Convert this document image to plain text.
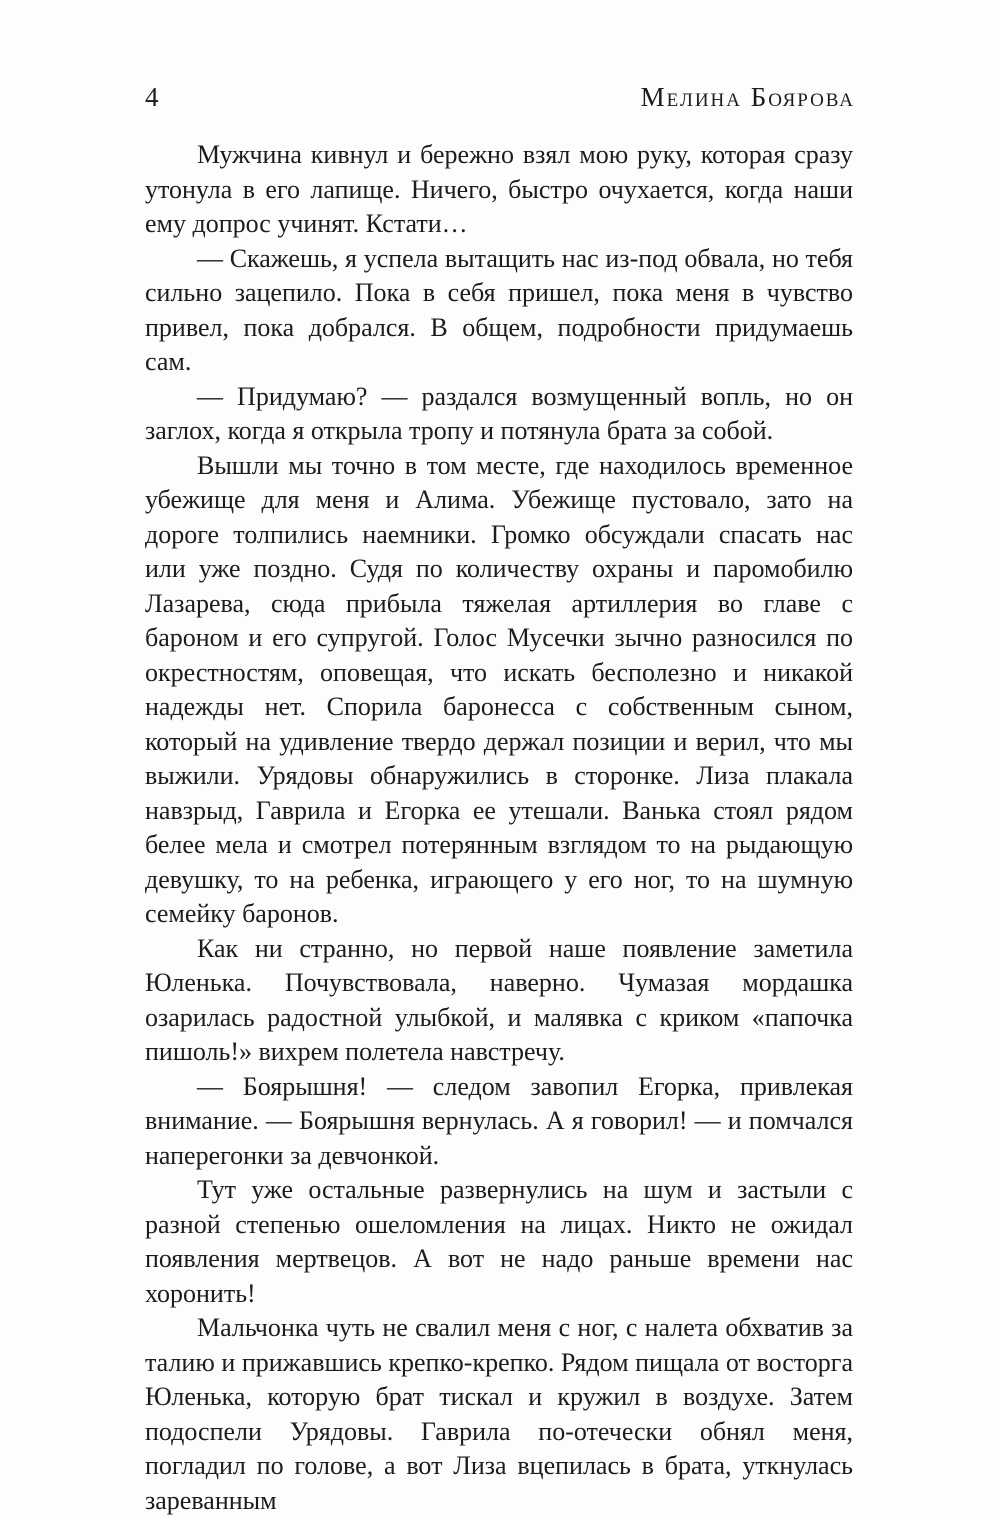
4	Мелина Боярова

Мужчина кивнул и бережно взял мою руку, которая сразу утонула в его лапище. Ничего, быстро очухается, когда наши ему допрос учинят. Кстати…

— Скажешь, я успела вытащить нас из-под обвала, но тебя сильно зацепило. Пока в себя пришел, пока меня в чувство привел, пока добрался. В общем, подробности придумаешь сам.

— Придумаю? — раздался возмущенный вопль, но он заглох, когда я открыла тропу и потянула брата за собой.

Вышли мы точно в том месте, где находилось временное убежище для меня и Алима. Убежище пустовало, зато на дороге толпились наемники. Громко обсуждали спасать нас или уже поздно. Судя по количеству охраны и паромобилю Лазарева, сюда прибыла тяжелая артиллерия во главе с бароном и его супругой. Голос Мусечки зычно разносился по окрестностям, оповещая, что искать бесполезно и никакой надежды нет. Спорила баронесса с собственным сыном, который на удивление твердо держал позиции и верил, что мы выжили. Урядовы обнаружились в сторонке. Лиза плакала навзрыд, Гаврила и Егорка ее утешали. Ванька стоял рядом белее мела и смотрел потерянным взглядом то на рыдающую девушку, то на ребенка, играющего у его ног, то на шумную семейку баронов.

Как ни странно, но первой наше появление заметила Юленька. Почувствовала, наверно. Чумазая мордашка озарилась радостной улыбкой, и малявка с криком «папочка пишоль!» вихрем полетела навстречу.

— Боярышня! — следом завопил Егорка, привлекая внимание. — Боярышня вернулась. А я говорил! — и помчался наперегонки за девчонкой.

Тут уже остальные развернулись на шум и застыли с разной степенью ошеломления на лицах. Никто не ожидал появления мертвецов. А вот не надо раньше времени нас хоронить!

Мальчонка чуть не свалил меня с ног, с налета обхватив за талию и прижавшись крепко-крепко. Рядом пищала от восторга Юленька, которую брат тискал и кружил в воздухе. Затем подоспели Урядовы. Гаврила по-отечески обнял меня, погладил по голове, а вот Лиза вцепилась в брата, уткнулась зареванным
